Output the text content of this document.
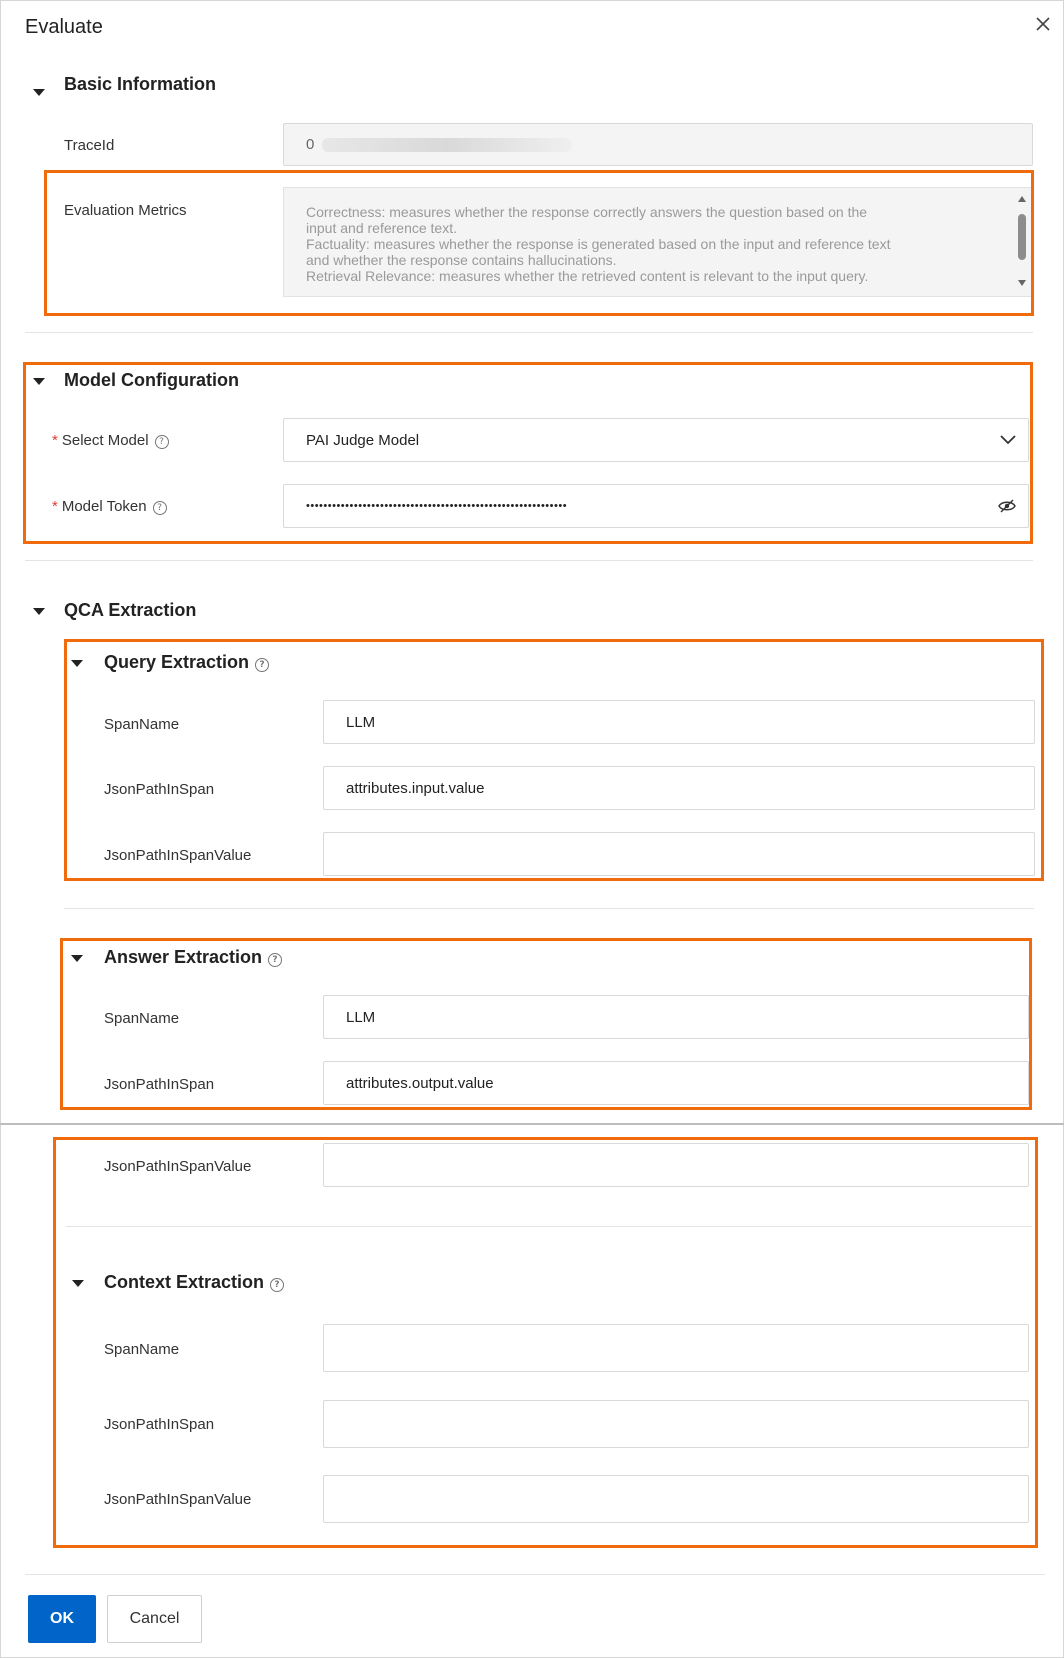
Evaluate
Basic Information
TraceId	0
Evaluation Metrics	Correctness: measures whether the response correctly answers the question based on the
input and reference text.
Factuality: measures whether the response is generated based on the input and reference text
and whether the response contains hallucinations.
Retrieval Relevance: measures whether the retrieved content is relevant to the input query.
Model Configuration
* Select Model ?	PAI Judge Model
* Model Token ?	••••••••••••••••••••••••••••••••••••••••••••••••••••••••••••
QCA Extraction
Query Extraction ?
SpanName	LLM
JsonPathInSpan	attributes.input.value
JsonPathInSpanValue
Answer Extraction ?
SpanName	LLM
JsonPathInSpan	attributes.output.value
JsonPathInSpanValue
Context Extraction ?
SpanName
JsonPathInSpan
JsonPathInSpanValue
OK	Cancel
